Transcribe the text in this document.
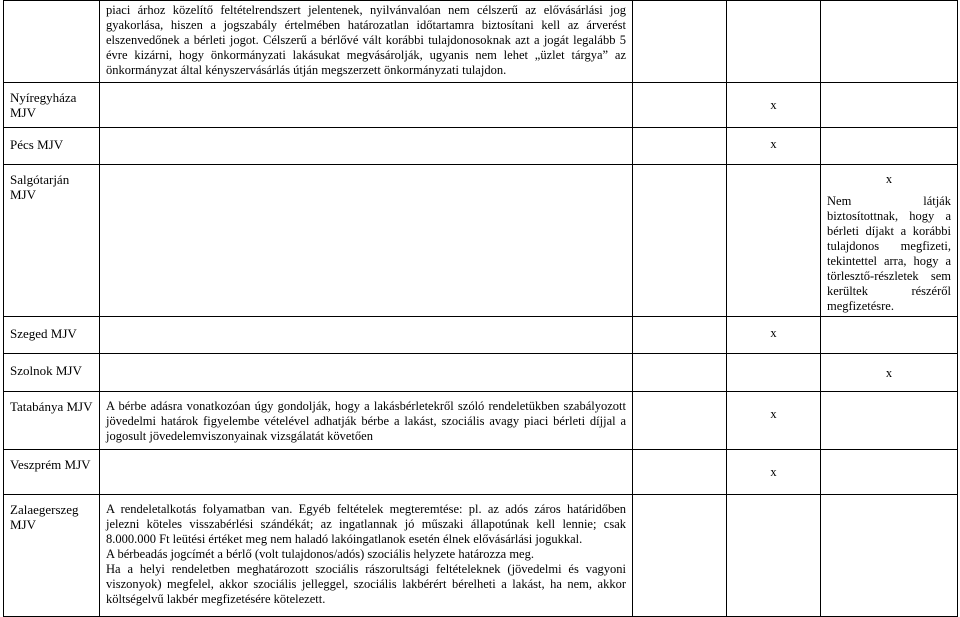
	piaci árhoz közelítő feltételrendszert jelentenek, nyilvánvalóan nem célszerű az elővásárlási jog gyakorlása, hiszen a jogszabály értelmében határozatlan időtartamra biztosítani kell az árverést elszenvedőnek a bérleti jogot. Célszerű a bérlővé vált korábbi tulajdonosoknak azt a jogát legalább 5 évre kizárni, hogy önkormányzati lakásukat megvásárolják, ugyanis nem lehet „üzlet tárgya” az önkormányzat által kényszervásárlás útján megszerzett önkormányzati tulajdon.			
Nyíregyháza MJV			x	

Pécs MJV			x	

Salgótarján MJV				x
Nem látják biztosítottnak, hogy a bérleti díjakt a korábbi tulajdonos megfizeti, tekintettel arra, hogy a törlesztő-részletek sem kerültek részéről megfizetésre.

Szeged MJV			x	

Szolnok MJV				x

Tatabánya MJV	A bérbe adásra vonatkozóan úgy gondolják, hogy a lakásbérletekről szóló rendeletükben szabályozott jövedelmi határok figyelembe vételével adhatják bérbe a lakást, szociális avagy piaci bérleti díjjal a jogosult jövedelemviszonyainak vizsgálatát követően		x	

Veszprém MJV			x	

Zalaegerszeg MJV	A rendeletalkotás folyamatban van. Egyéb feltételek megteremtése: pl. az adós záros határidőben jelezni köteles visszabérlési szándékát; az ingatlannak jó műszaki állapotúnak kell lennie; csak 8.000.000 Ft leütési értéket meg nem haladó lakóingatlanok esetén élnek elővásárlási jogukkal.
A bérbeadás jogcímét a bérlő (volt tulajdonos/adós) szociális helyzete határozza meg.
Ha a helyi rendeletben meghatározott szociális rászorultsági feltételeknek (jövedelmi és vagyoni viszonyok) megfelel, akkor szociális jelleggel, szociális lakbérért bérelheti a lakást, ha nem, akkor költségelvű lakbér megfizetésére kötelezett.			
